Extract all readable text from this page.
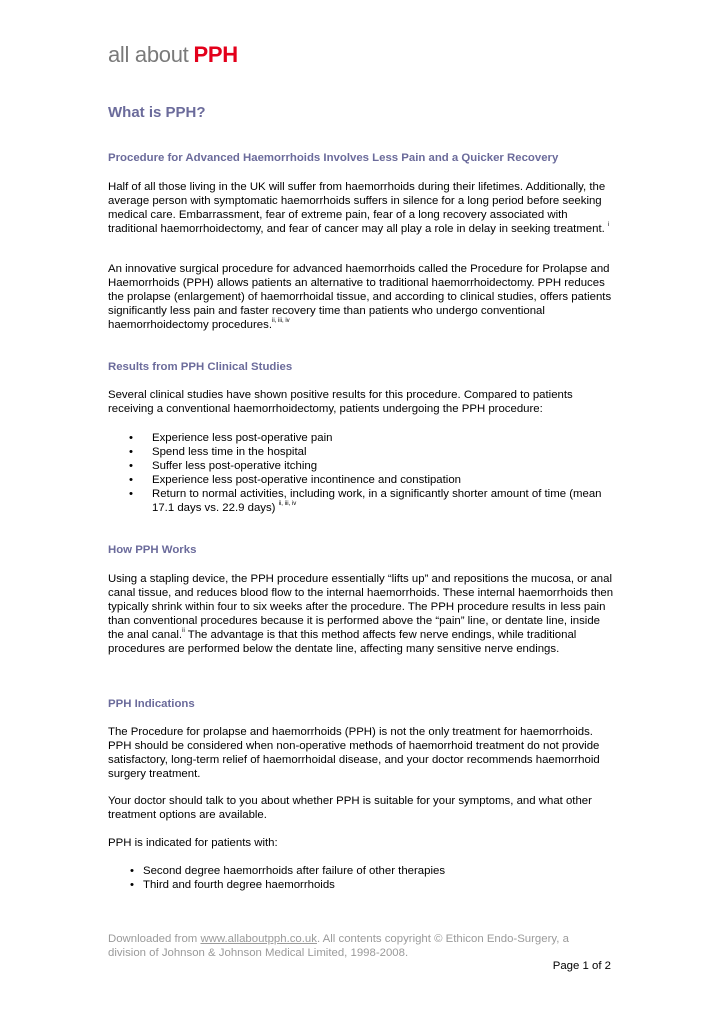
all about PPH
What is PPH?
Procedure for Advanced Haemorrhoids Involves Less Pain and a Quicker Recovery

Half of all those living in the UK will suffer from haemorrhoids during their lifetimes. Additionally, the average person with symptomatic haemorrhoids suffers in silence for a long period before seeking medical care. Embarrassment, fear of extreme pain, fear of a long recovery associated with traditional haemorrhoidectomy, and fear of cancer may all play a role in delay in seeking treatment. $^i$

An innovative surgical procedure for advanced haemorrhoids called the Procedure for Prolapse and Haemorrhoids (PPH) allows patients an alternative to traditional haemorrhoidectomy. PPH reduces the prolapse (enlargement) of haemorrhoidal tissue, and according to clinical studies, offers patients significantly less pain and faster recovery time than patients who undergo conventional haemorrhoidectomy procedures.$^{ii, iii, iv}$

Results from PPH Clinical Studies

Several clinical studies have shown positive results for this procedure. Compared to patients receiving a conventional haemorrhoidectomy, patients undergoing the PPH procedure:

• Experience less post-operative pain
• Spend less time in the hospital
• Suffer less post-operative itching
• Experience less post-operative incontinence and constipation
• Return to normal activities, including work, in a significantly shorter amount of time (mean 17.1 days vs. 22.9 days) $^{ii, iii, iv}$
How PPH Works

Using a stapling device, the PPH procedure essentially “lifts up” and repositions the mucosa, or anal canal tissue, and reduces blood flow to the internal haemorrhoids. These internal haemorrhoids then typically shrink within four to six weeks after the procedure. The PPH procedure results in less pain than conventional procedures because it is performed above the “pain” line, or dentate line, inside the anal canal.$^{ii}$ The advantage is that this method affects few nerve endings, while traditional procedures are performed below the dentate line, affecting many sensitive nerve endings.

PPH Indications

The Procedure for prolapse and haemorrhoids (PPH) is not the only treatment for haemorrhoids. PPH should be considered when non-operative methods of haemorrhoid treatment do not provide satisfactory, long-term relief of haemorrhoidal disease, and your doctor recommends haemorrhoid surgery treatment.

Your doctor should talk to you about whether PPH is suitable for your symptoms, and what other treatment options are available.

PPH is indicated for patients with:

• Second degree haemorrhoids after failure of other therapies
• Third and fourth degree haemorrhoids

Downloaded from www.allaboutpph.co.uk. All contents copyright © Ethicon Endo-Surgery, a division of Johnson & Johnson Medical Limited, 1998-2008.

Page 1 of 2
